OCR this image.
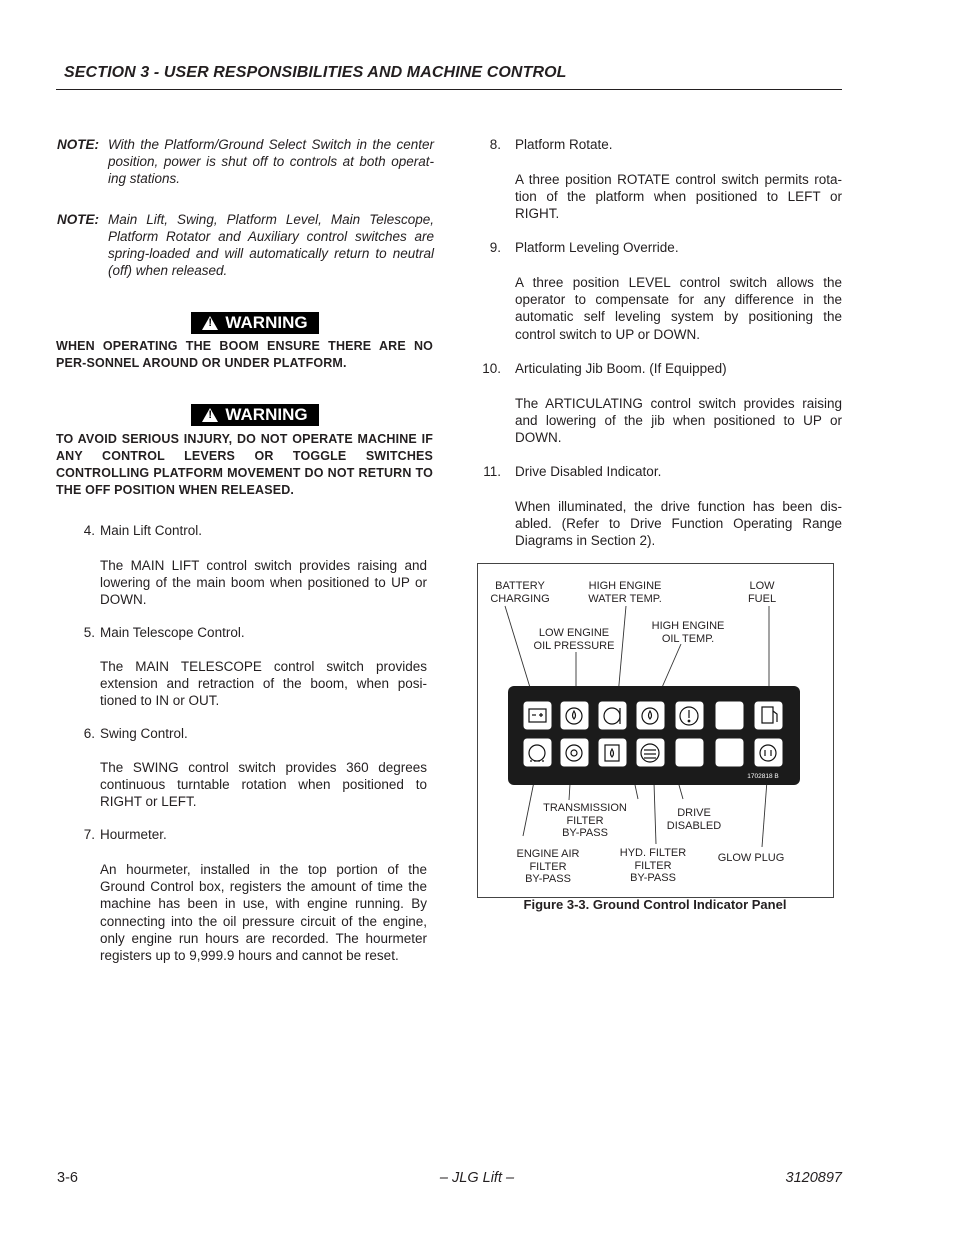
SECTION 3 - USER RESPONSIBILITIES AND MACHINE CONTROL
NOTE: With the Platform/Ground Select Switch in the center position, power is shut off to controls at both operat-ing stations.
NOTE: Main Lift, Swing, Platform Level, Main Telescope, Platform Rotator and Auxiliary control switches are spring-loaded and will automatically return to neutral (off) when released.
! WARNING
WHEN OPERATING THE BOOM ENSURE THERE ARE NO PER-SONNEL AROUND OR UNDER PLATFORM.
! WARNING
TO AVOID SERIOUS INJURY, DO NOT OPERATE MACHINE IF ANY CONTROL LEVERS OR TOGGLE SWITCHES CONTROLLING PLATFORM MOVEMENT DO NOT RETURN TO THE OFF POSITION WHEN RELEASED.
4. Main Lift Control.
The MAIN LIFT control switch provides raising and lowering of the main boom when positioned to UP or DOWN.
5. Main Telescope Control.
The MAIN TELESCOPE control switch provides extension and retraction of the boom, when posi-tioned to IN or OUT.
6. Swing Control.
The SWING control switch provides 360 degrees continuous turntable rotation when positioned to RIGHT or LEFT.
7. Hourmeter.
An hourmeter, installed in the top portion of the Ground Control box, registers the amount of time the machine has been in use, with engine running. By connecting into the oil pressure circuit of the engine, only engine run hours are recorded. The hourmeter registers up to 9,999.9 hours and cannot be reset.
8. Platform Rotate.
A three position ROTATE control switch permits rota-tion of the platform when positioned to LEFT or RIGHT.
9. Platform Leveling Override.
A three position LEVEL control switch allows the operator to compensate for any difference in the automatic self leveling system by positioning the control switch to UP or DOWN.
10. Articulating Jib Boom. (If Equipped)
The ARTICULATING control switch provides raising and lowering of the jib when positioned to UP or DOWN.
11. Drive Disabled Indicator.
When illuminated, the drive function has been dis-abled. (Refer to Drive Function Operating Range Diagrams in Section 2).
1702818 B
BATTERY
CHARGING
HIGH ENGINE
WATER TEMP.
LOW
FUEL
LOW ENGINE
OIL PRESSURE
HIGH ENGINE
OIL TEMP.
TRANSMISSION
FILTER
BY-PASS
DRIVE
DISABLED
ENGINE AIR
FILTER
BY-PASS
HYD. FILTER
FILTER
BY-PASS
GLOW PLUG
Figure 3-3. Ground Control Indicator Panel
3-6	– JLG Lift –	3120897
